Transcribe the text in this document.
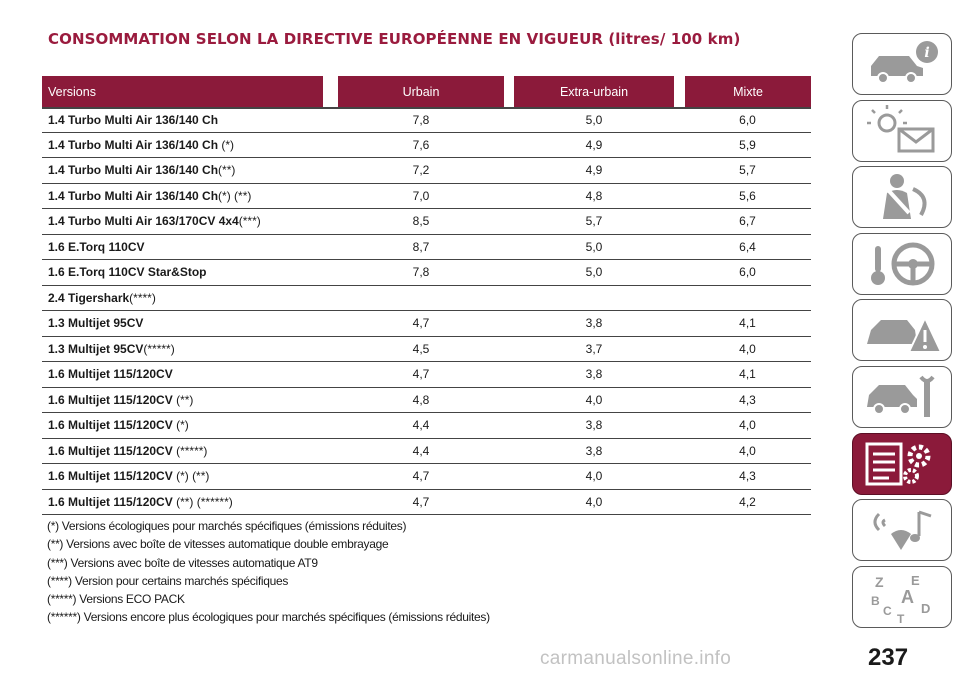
CONSOMMATION SELON LA DIRECTIVE EUROPÉENNE EN VIGUEUR (litres/ 100 km)
Versions	Urbain	Extra-urbain	Mixte
1.4 Turbo Multi Air 136/140 Ch	7,8	5,0	6,0
1.4 Turbo Multi Air 136/140 Ch (*)	7,6	4,9	5,9
1.4 Turbo Multi Air 136/140 Ch(**)	7,2	4,9	5,7
1.4 Turbo Multi Air 136/140 Ch(*) (**)	7,0	4,8	5,6
1.4 Turbo Multi Air 163/170CV 4x4(***)	8,5	5,7	6,7
1.6 E.Torq 110CV	8,7	5,0	6,4
1.6 E.Torq 110CV Star&Stop	7,8	5,0	6,0
2.4 Tigershark(****)
1.3 Multijet 95CV	4,7	3,8	4,1
1.3 Multijet 95CV(*****)	4,5	3,7	4,0
1.6 Multijet 115/120CV	4,7	3,8	4,1
1.6 Multijet 115/120CV (**)	4,8	4,0	4,3
1.6 Multijet 115/120CV (*)	4,4	3,8	4,0
1.6 Multijet 115/120CV (*****)	4,4	3,8	4,0
1.6 Multijet 115/120CV (*) (**)	4,7	4,0	4,3
1.6 Multijet 115/120CV (**) (******)	4,7	4,0	4,2
(*) Versions écologiques pour marchés spécifiques (émissions réduites)
(**) Versions avec boîte de vitesses automatique double embrayage
(***) Versions avec boîte de vitesses automatique AT9
(****) Version pour certains marchés spécifiques
(*****) Versions ECO PACK
(******) Versions encore plus écologiques pour marchés spécifiques (émissions réduites)
i
Z E
B A
C D
T
carmanualsonline.info	237
